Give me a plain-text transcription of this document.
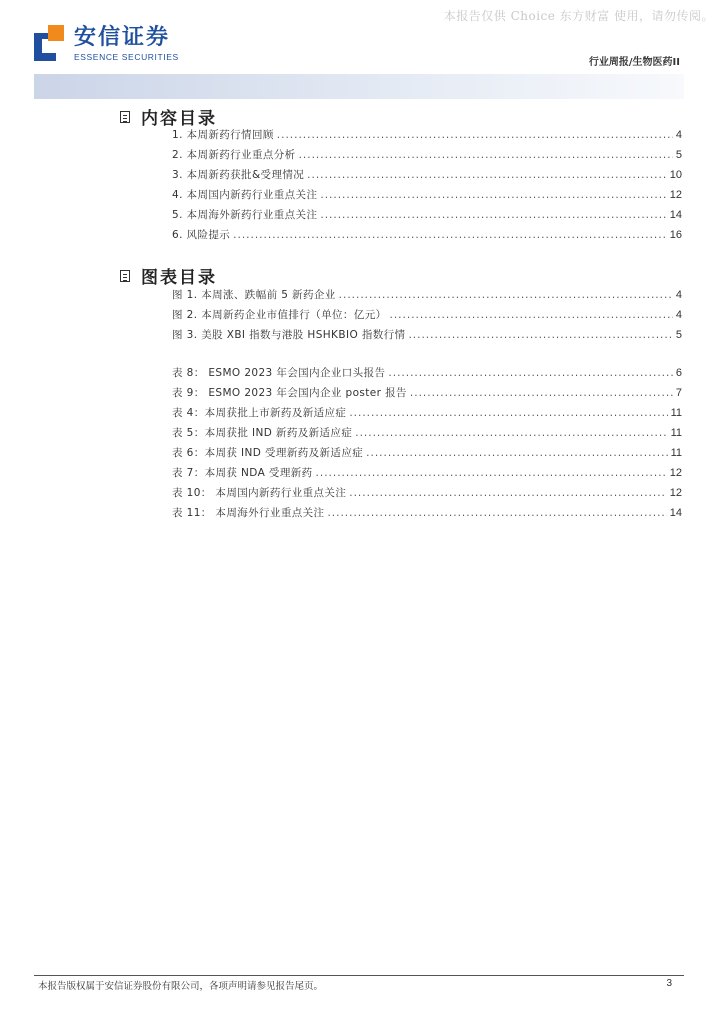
本报告仅供 Choice 东方财富 使用，请勿传阅。
安信证券
ESSENCE SECURITIES	行业周报/生物医药II
内容目录
1. 本周新药行情回顾 .....	4
2. 本周新药行业重点分析 .....	5
3. 本周新药获批&受理情况 .....	10
4. 本周国内新药行业重点关注 .....	12
5. 本周海外新药行业重点关注 .....	14
6. 风险提示 .....	16
图表目录
图 1. 本周涨、跌幅前 5 新药企业 .....	4
图 2. 本周新药企业市值排行（单位：亿元） .....	4
图 3. 美股 XBI 指数与港股 HSHKBIO 指数行情 .....	5
表 8： ESMO 2023 年会国内企业口头报告 .....	6
表 9： ESMO 2023 年会国内企业 poster 报告 .....	7
表 4：本周获批上市新药及新适应症 .....	11
表 5：本周获批 IND 新药及新适应症 .....	11
表 6：本周获 IND 受理新药及新适应症 .....	11
表 7：本周获 NDA 受理新药 .....	12
表 10： 本周国内新药行业重点关注 .....	12
表 11： 本周海外行业重点关注 .....	14
本报告版权属于安信证券股份有限公司，各项声明请参见报告尾页。	3
